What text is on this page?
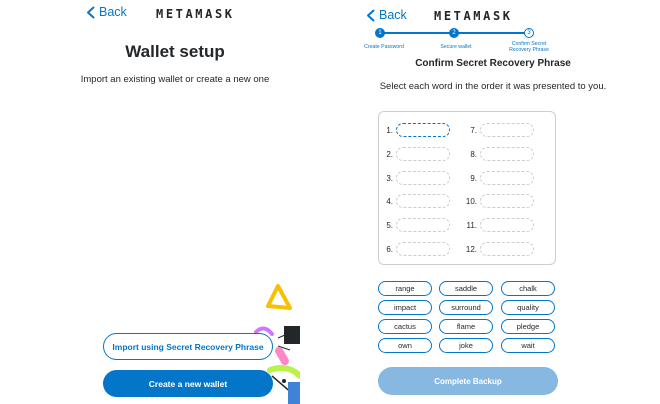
Back METAMASK
Wallet setup
Import an existing wallet or create a new one
Import using Secret Recovery Phrase
Create a new wallet
Back METAMASK
1	2	3
Create Password	Secure wallet	Confirm Secret Recovery Phrase
Confirm Secret Recovery Phrase
Select each word in the order it was presented to you.
1.
2.
3.
4.
5.
6.
7.
8.
9.
10.
11.
12.
range	saddle	chalk
impact	surround	quality
cactus	flame	pledge
own	joke	wait
Complete Backup
